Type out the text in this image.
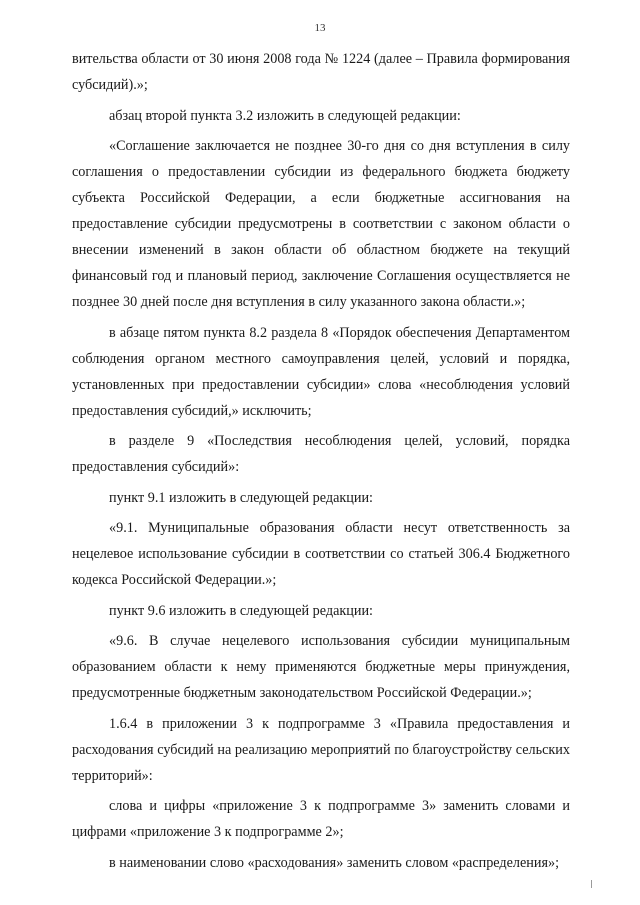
13

вительства области от 30 июня 2008 года № 1224 (далее – Правила формирования субсидий).»;

абзац второй пункта 3.2 изложить в следующей редакции:

«Соглашение заключается не позднее 30-го дня со дня вступления в силу соглашения о предоставлении субсидии из федерального бюджета бюджету субъекта Российской Федерации, а если бюджетные ассигнования на предоставление субсидии предусмотрены в соответствии с законом области о внесении изменений в закон области об областном бюджете на текущий финансовый год и плановый период, заключение Соглашения осуществляется не позднее 30 дней после дня вступления в силу указанного закона области.»;

в абзаце пятом пункта 8.2 раздела 8 «Порядок обеспечения Департаментом соблюдения органом местного самоуправления целей, условий и порядка, установленных при предоставлении субсидии» слова «несоблюдения условий предоставления субсидий,» исключить;

в разделе 9 «Последствия несоблюдения целей, условий, порядка предоставления субсидий»:

пункт 9.1 изложить в следующей редакции:

«9.1. Муниципальные образования области несут ответственность за нецелевое использование субсидии в соответствии со статьей 306.4 Бюджетного кодекса Российской Федерации.»;

пункт 9.6 изложить в следующей редакции:

«9.6. В случае нецелевого использования субсидии муниципальным образованием области к нему применяются бюджетные меры принуждения, предусмотренные бюджетным законодательством Российской Федерации.»;

1.6.4 в приложении 3 к подпрограмме 3 «Правила предоставления и расходования субсидий на реализацию мероприятий по благоустройству сельских территорий»:

слова и цифры «приложение 3 к подпрограмме 3» заменить словами и цифрами «приложение 3 к подпрограмме 2»;

в наименовании слово «расходования» заменить словом «распределения»;
